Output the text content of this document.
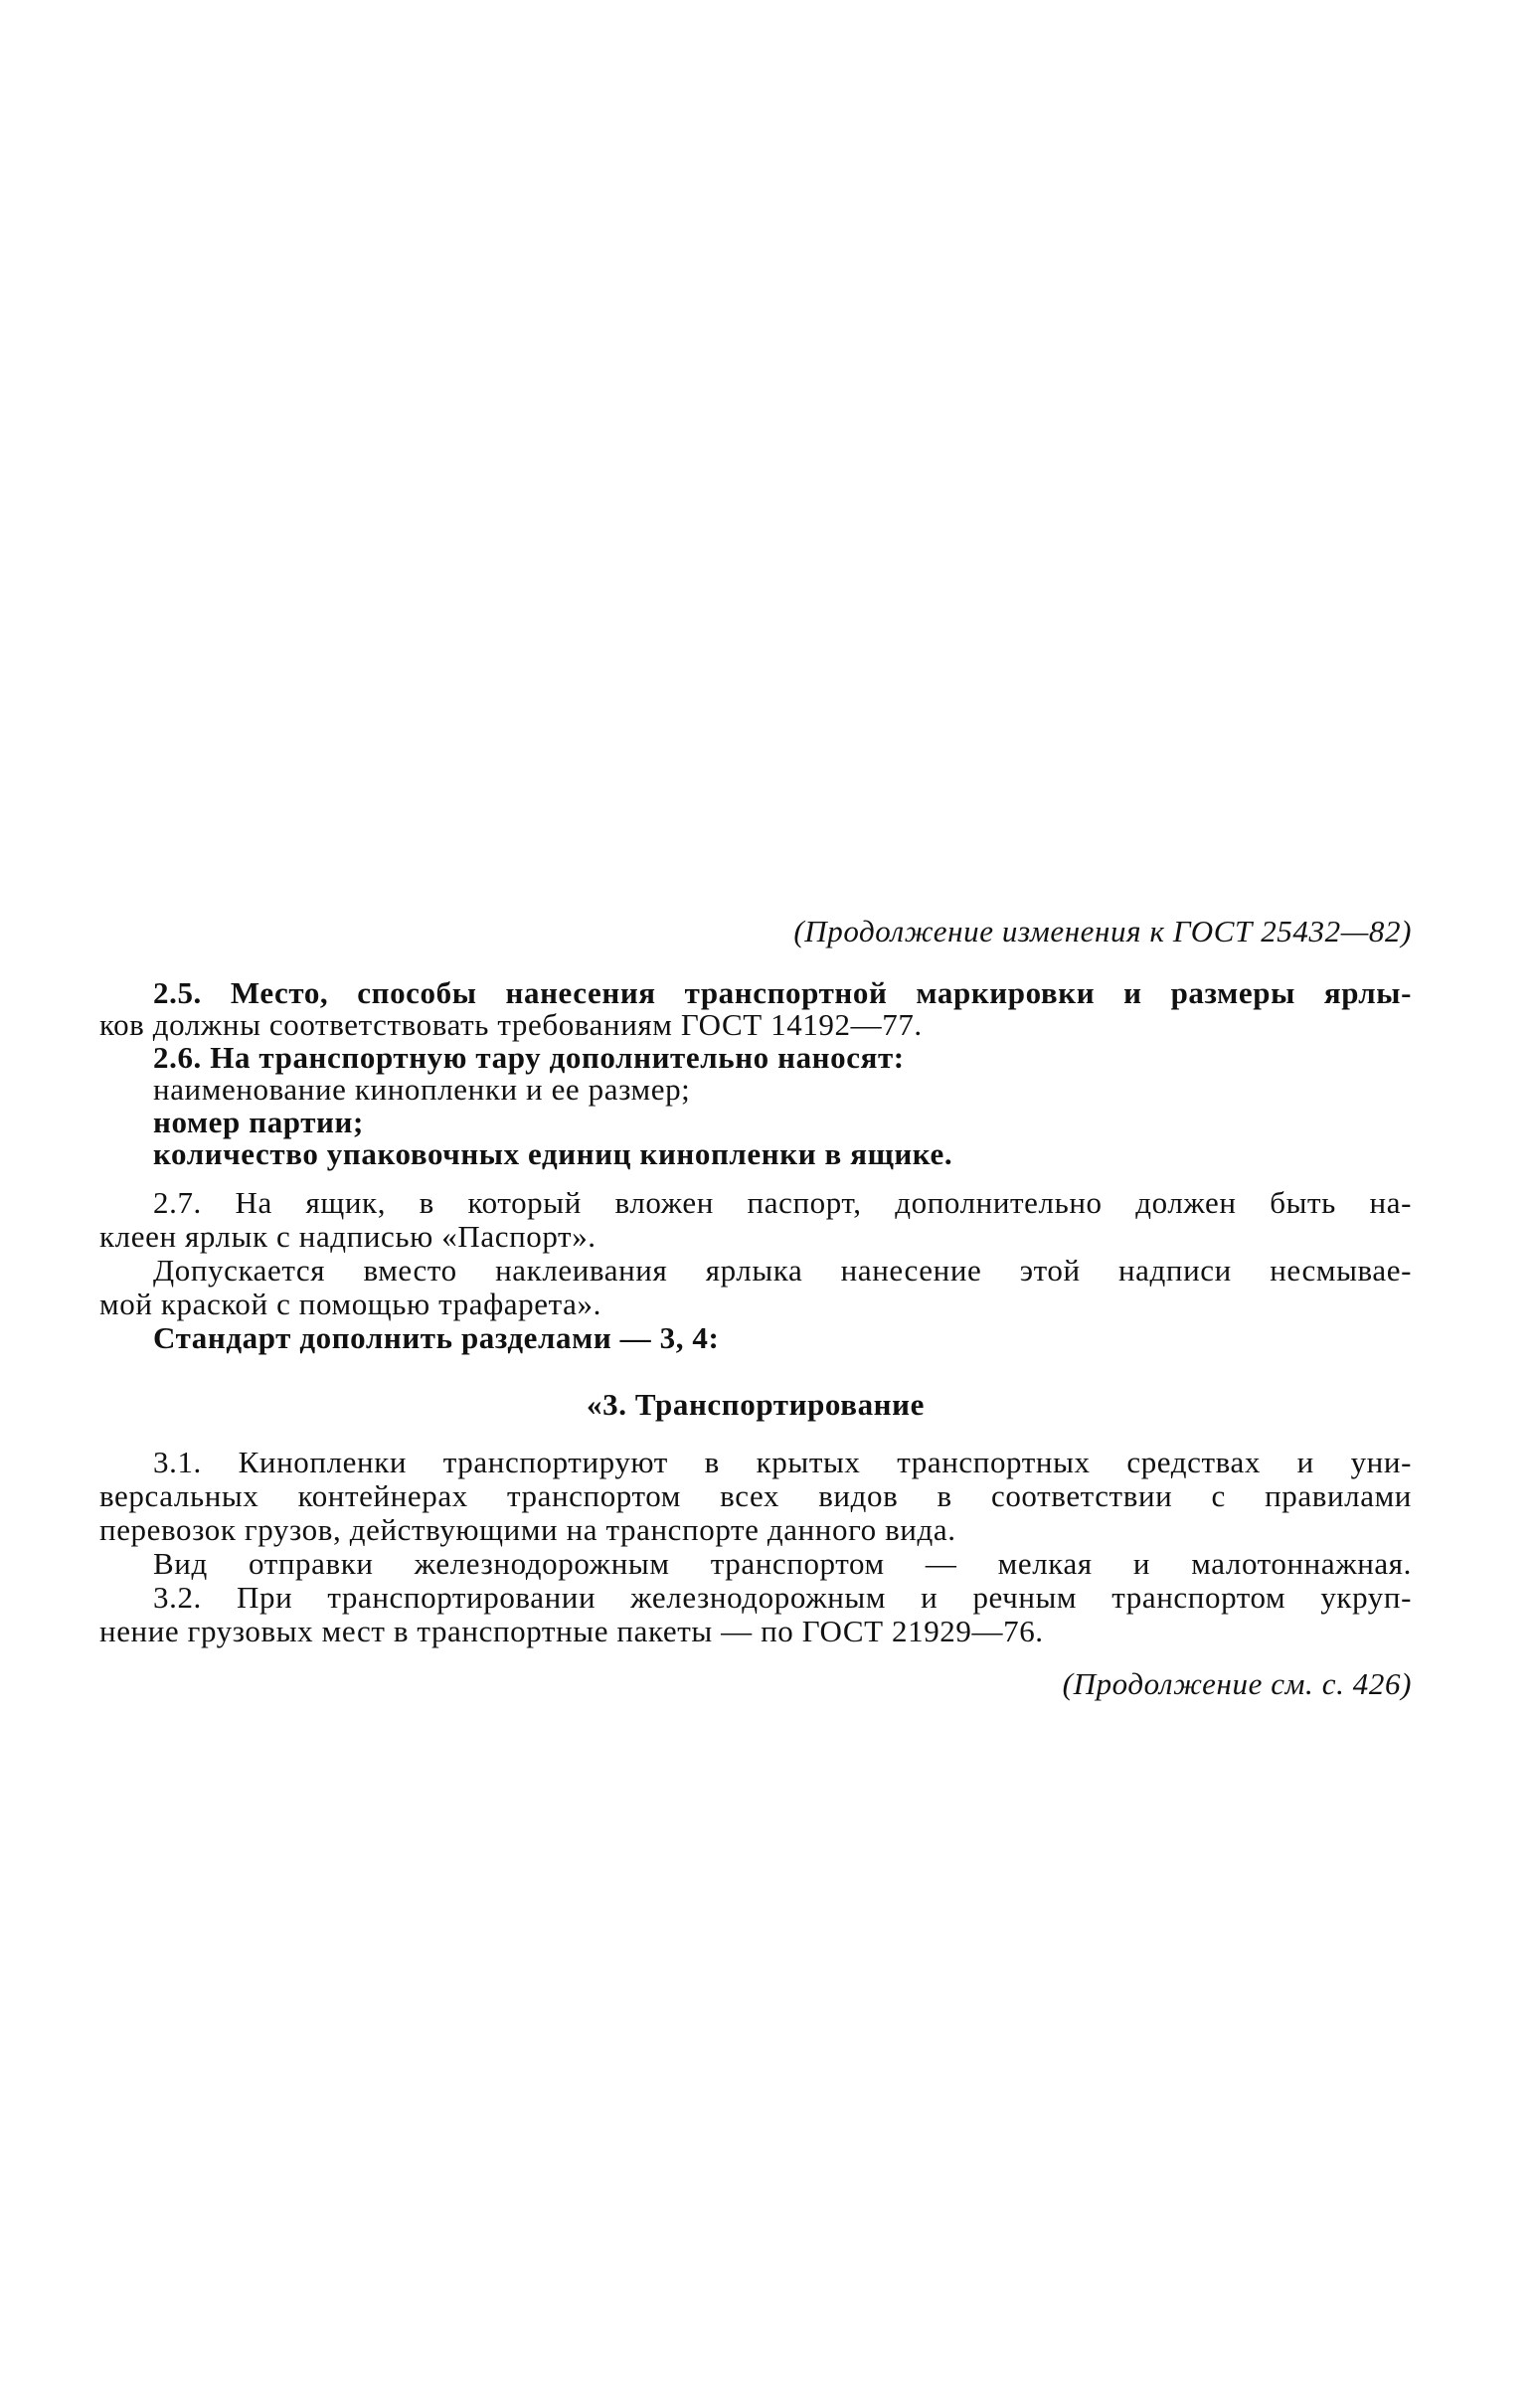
(Продолжение изменения к ГОСТ 25432—82)
2.5. Место, способы нанесения транспортной маркировки и размеры ярлы-
ков должны соответствовать требованиям ГОСТ 14192—77.
2.6. На транспортную тару дополнительно наносят:
наименование кинопленки и ее размер;
номер партии;
количество упаковочных единиц кинопленки в ящике.
2.7. На ящик, в который вложен паспорт, дополнительно должен быть на-
клеен ярлык с надписью «Паспорт».
Допускается вместо наклеивания ярлыка нанесение этой надписи несмывае-
мой краской с помощью трафарета».
Стандарт дополнить разделами — 3, 4:
«3. Транспортирование
3.1. Кинопленки транспортируют в крытых транспортных средствах и уни-
версальных контейнерах транспортом всех видов в соответствии с правилами
перевозок грузов, действующими на транспорте данного вида.
Вид отправки железнодорожным транспортом — мелкая и малотоннажная.
3.2. При транспортировании железнодорожным и речным транспортом укруп-
нение грузовых мест в транспортные пакеты — по ГОСТ 21929—76.
(Продолжение см. с. 426)
